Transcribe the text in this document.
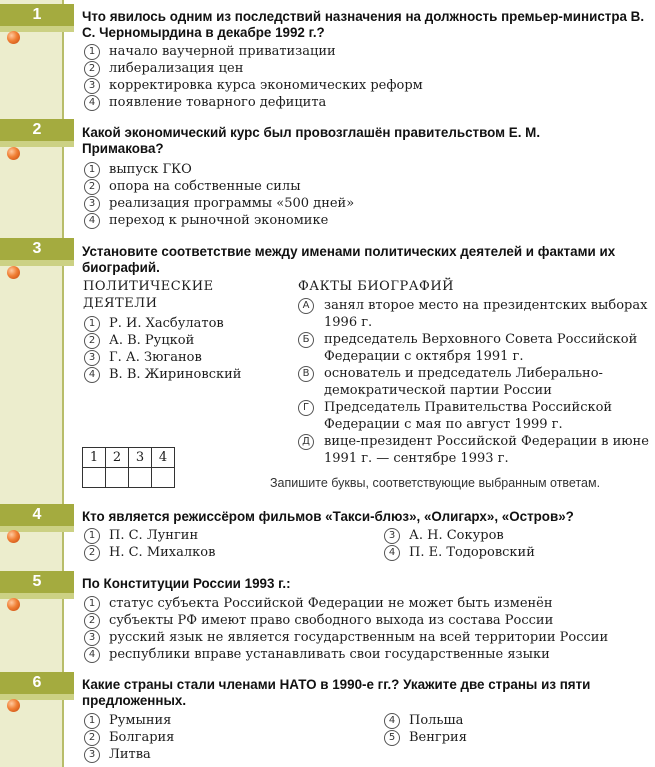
1	Что явилось одним из последствий назначения на должность премьер-министра В. С. Черномырдина в декабре 1992 г.?
1 начало ваучерной приватизации
2 либерализация цен
3 корректировка курса экономических реформ
4 появление товарного дефицита
2	Какой экономический курс был провозглашён правительством Е. М. Примакова?
1 выпуск ГКО
2 опора на собственные силы
3 реализация программы «500 дней»
4 переход к рыночной экономике
3	Установите соответствие между именами политических деятелей и фактами их биографий.
ПОЛИТИЧЕСКИЕ ДЕЯТЕЛИ
1 Р. И. Хасбулатов
2 А. В. Руцкой
3 Г. А. Зюганов
4 В. В. Жириновский
ФАКТЫ БИОГРАФИЙ
А	занял второе место на президентских выборах 1996 г.
Б	председатель Верховного Совета Российской Федерации с октября 1991 г.
В	основатель и председатель Либерально-демократической партии России
Г	Председатель Правительства Российской Федерации с мая по август 1999 г.
Д	вице-президент Российской Федерации в июне 1991 г. — сентябре 1993 г.
1	2	3	4

Запишите буквы, соответствующие выбранным ответам.
4	Кто является режиссёром фильмов «Такси-блюз», «Олигарх», «Остров»?
1 П. С. Лунгин
2 Н. С. Михалков
3 А. Н. Сокуров
4 П. Е. Тодоровский
5	По Конституции России 1993 г.:
1 статус субъекта Российской Федерации не может быть изменён
2 субъекты РФ имеют право свободного выхода из состава России
3 русский язык не является государственным на всей территории России
4 республики вправе устанавливать свои государственные языки
6	Какие страны стали членами НАТО в 1990-е гг.? Укажите две страны из пяти предложенных.
1 Румыния
2 Болгария
3 Литва
4 Польша
5 Венгрия
